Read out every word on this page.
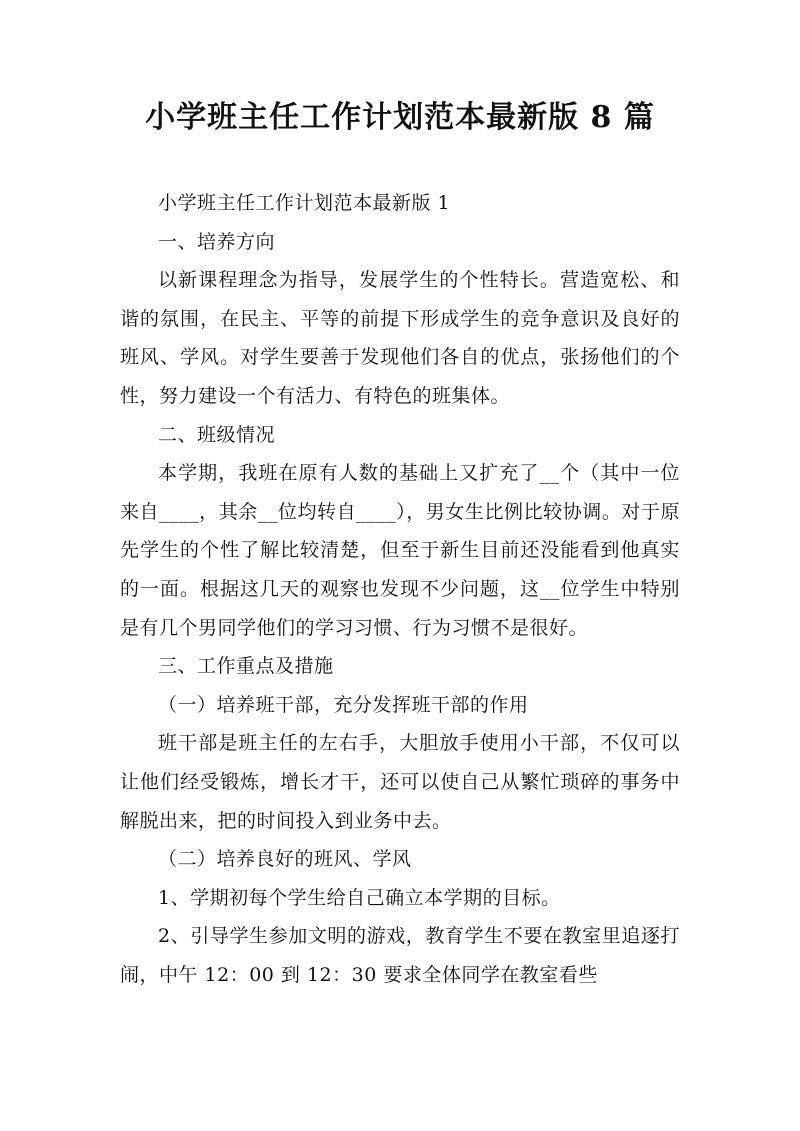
小学班主任工作计划范本最新版 8 篇

小学班主任工作计划范本最新版 1

一、培养方向

以新课程理念为指导，发展学生的个性特长。营造宽松、和谐的氛围，在民主、平等的前提下形成学生的竞争意识及良好的班风、学风。对学生要善于发现他们各自的优点，张扬他们的个性，努力建设一个有活力、有特色的班集体。

二、班级情况

本学期，我班在原有人数的基础上又扩充了__个（其中一位来自____，其余__位均转自____），男女生比例比较协调。对于原先学生的个性了解比较清楚，但至于新生目前还没能看到他真实的一面。根据这几天的观察也发现不少问题，这__位学生中特别是有几个男同学他们的学习习惯、行为习惯不是很好。

三、工作重点及措施

（一）培养班干部，充分发挥班干部的作用

班干部是班主任的左右手，大胆放手使用小干部，不仅可以让他们经受锻炼，增长才干，还可以使自己从繁忙琐碎的事务中解脱出来，把的时间投入到业务中去。

（二）培养良好的班风、学风

1、学期初每个学生给自己确立本学期的目标。

2、引导学生参加文明的游戏，教育学生不要在教室里追逐打闹，中午 12：00 到 12：30 要求全体同学在教室看些
